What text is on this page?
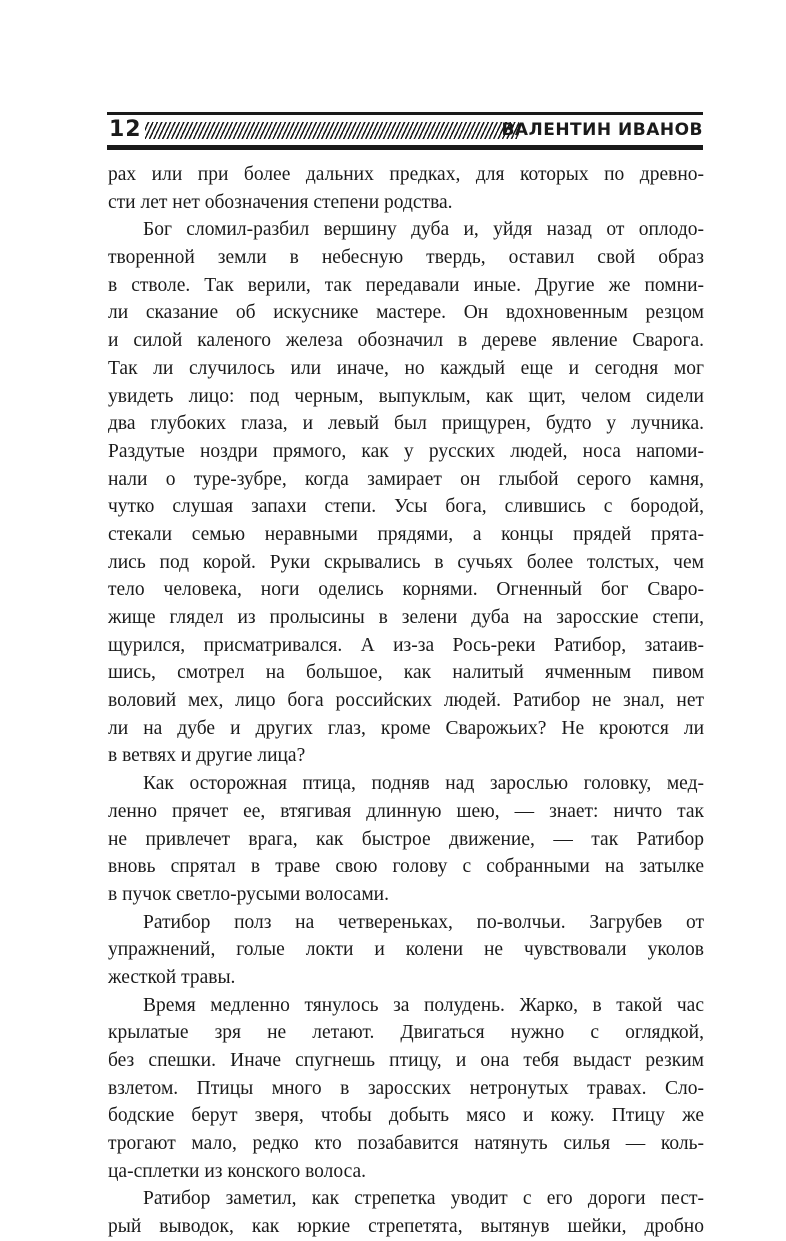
12	ВАЛЕНТИН ИВАНОВ
рах или при более дальних предках, для которых по древно-
сти лет нет обозначения степени родства.
Бог сломил-разбил вершину дуба и, уйдя назад от оплодо-
творенной земли в небесную твердь, оставил свой образ
в стволе. Так верили, так передавали иные. Другие же помни-
ли сказание об искуснике мастере. Он вдохновенным резцом
и силой каленого железа обозначил в дереве явление Сварога.
Так ли случилось или иначе, но каждый еще и сегодня мог
увидеть лицо: под черным, выпуклым, как щит, челом сидели
два глубоких глаза, и левый был прищурен, будто у лучника.
Раздутые ноздри прямого, как у русских людей, носа напоми-
нали о туре-зубре, когда замирает он глыбой серого камня,
чутко слушая запахи степи. Усы бога, слившись с бородой,
стекали семью неравными прядями, а концы прядей прята-
лись под корой. Руки скрывались в сучьях более толстых, чем
тело человека, ноги оделись корнями. Огненный бог Сваро-
жище глядел из пролысины в зелени дуба на заросские степи,
щурился, присматривался. А из-за Рось-реки Ратибор, затаив-
шись, смотрел на большое, как налитый ячменным пивом
воловий мех, лицо бога российских людей. Ратибор не знал, нет
ли на дубе и других глаз, кроме Сварожьих? Не кроются ли
в ветвях и другие лица?
Как осторожная птица, подняв над зарослью головку, мед-
ленно прячет ее, втягивая длинную шею, — знает: ничто так
не привлечет врага, как быстрое движение, — так Ратибор
вновь спрятал в траве свою голову с собранными на затылке
в пучок светло-русыми волосами.
Ратибор полз на четвереньках, по-волчьи. Загрубев от
упражнений, голые локти и колени не чувствовали уколов
жесткой травы.
Время медленно тянулось за полудень. Жарко, в такой час
крылатые зря не летают. Двигаться нужно с оглядкой,
без спешки. Иначе спугнешь птицу, и она тебя выдаст резким
взлетом. Птицы много в заросских нетронутых травах. Сло-
бодские берут зверя, чтобы добыть мясо и кожу. Птицу же
трогают мало, редко кто позабавится натянуть силья — коль-
ца-сплетки из конского волоса.
Ратибор заметил, как стрепетка уводит с его дороги пест-
рый выводок, как юркие стрепетята, вытянув шейки, дробно
